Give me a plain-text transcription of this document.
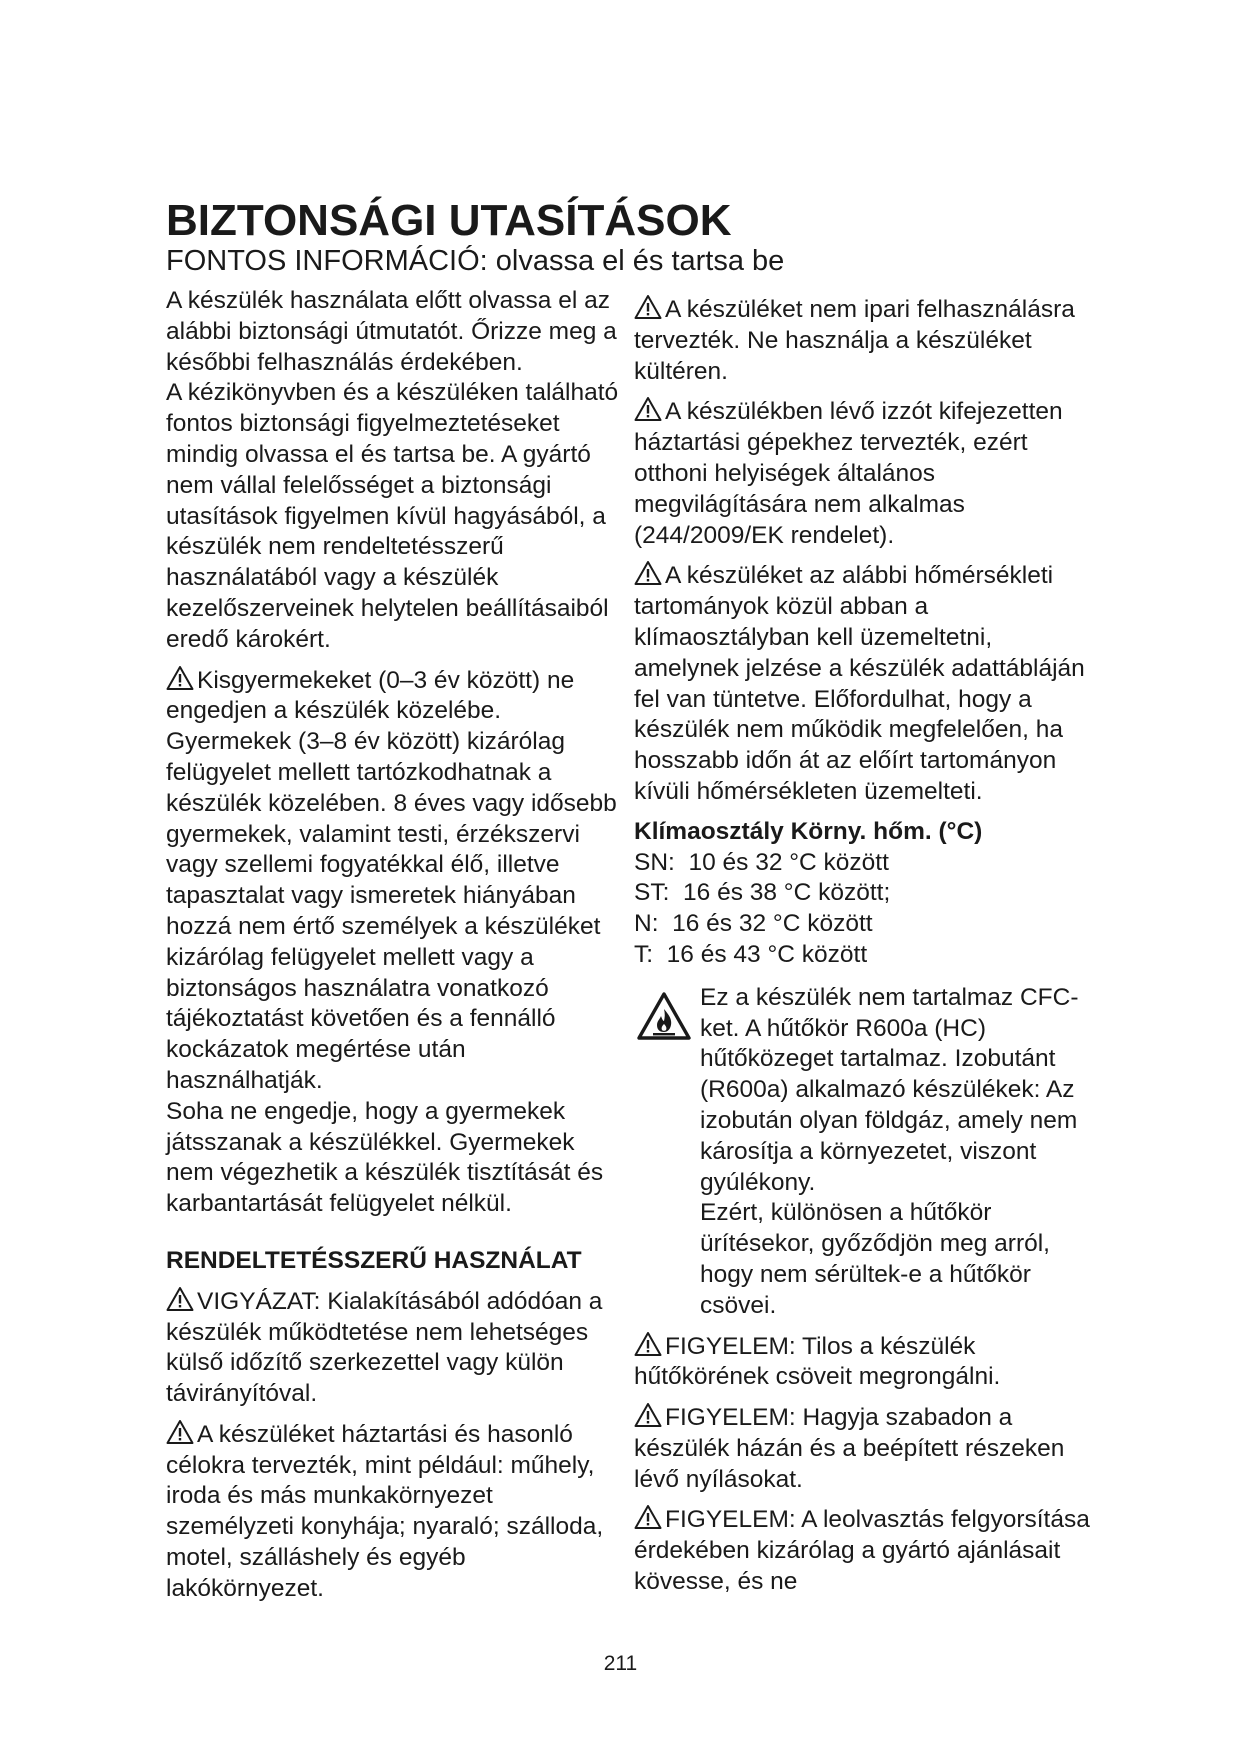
BIZTONSÁGI UTASÍTÁSOK
FONTOS INFORMÁCIÓ: olvassa el és tartsa be

A készülék használata előtt olvassa el az alábbi biztonsági útmutatót. Őrizze meg a későbbi felhasználás érdekében.

A kézikönyvben és a készüléken található fontos biztonsági figyelmeztetéseket mindig olvassa el és tartsa be. A gyártó nem vállal felelősséget a biztonsági utasítások figyelmen kívül hagyásából, a készülék nem rendeltetésszerű használatából vagy a készülék kezelőszerveinek helytelen beállításaiból eredő károkért.

Kisgyermekeket (0–3 év között) ne engedjen a készülék közelébe. Gyermekek (3–8 év között) kizárólag felügyelet mellett tartózkodhatnak a készülék közelében. 8 éves vagy idősebb gyermekek, valamint testi, érzékszervi vagy szellemi fogyatékkal élő, illetve tapasztalat vagy ismeretek hiányában hozzá nem értő személyek a készüléket kizárólag felügyelet mellett vagy a biztonságos használatra vonatkozó tájékoztatást követően és a fennálló kockázatok megértése után használhatják.

Soha ne engedje, hogy a gyermekek játsszanak a készülékkel. Gyermekek nem végezhetik a készülék tisztítását és karbantartását felügyelet nélkül.

RENDELTETÉSSZERŰ HASZNÁLAT

VIGYÁZAT: Kialakításából adódóan a készülék működtetése nem lehetséges külső időzítő szerkezettel vagy külön távirányítóval.

A készüléket háztartási és hasonló célokra tervezték, mint például: műhely, iroda és más munkakörnyezet személyzeti konyhája; nyaraló; szálloda, motel, szálláshely és egyéb lakókörnyezet.

A készüléket nem ipari felhasználásra tervezték. Ne használja a készüléket kültéren.

A készülékben lévő izzót kifejezetten háztartási gépekhez tervezték, ezért otthoni helyiségek általános megvilágítására nem alkalmas (244/2009/EK rendelet).

A készüléket az alábbi hőmérsékleti tartományok közül abban a klímaosztályban kell üzemeltetni, amelynek jelzése a készülék adattábláján fel van tüntetve. Előfordulhat, hogy a készülék nem működik megfelelően, ha hosszabb időn át az előírt tartományon kívüli hőmérsékleten üzemelteti.

Klímaosztály Körny. hőm. (°C)

SN:  10 és 32 °C között

ST:  16 és 38 °C között;

N:  16 és 32 °C között

T:  16 és 43 °C között

Ez a készülék nem tartalmaz CFC-ket. A hűtőkör R600a (HC) hűtőközeget tartalmaz. Izobutánt (R600a) alkalmazó készülékek: Az izobután olyan földgáz, amely nem károsítja a környezetet, viszont gyúlékony.

Ezért, különösen a hűtőkör ürítésekor, győződjön meg arról, hogy nem sérültek-e a hűtőkör csövei.

FIGYELEM: Tilos a készülék hűtőkörének csöveit megrongálni.

FIGYELEM: Hagyja szabadon a készülék házán és a beépített részeken lévő nyílásokat.

FIGYELEM: A leolvasztás felgyorsítása érdekében kizárólag a gyártó ajánlásait kövesse, és ne

211
